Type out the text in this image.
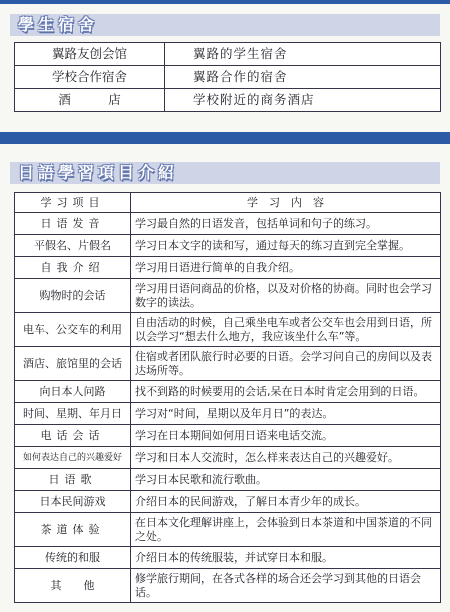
學生宿舍
翼路友创会馆	翼路的学生宿舍
学校合作宿舍	翼路合作的宿舍
酒　　　店	学校附近的商务酒店
日語學習項目介紹
学习项目	学　习　内　容
日语发音	学习最自然的日语发音，包括单词和句子的练习。
平假名、片假名	学习日本文字的读和写，通过每天的练习直到完全掌握。
自我介绍	学习用日语进行简单的自我介绍。
购物时的会话	学习用日语问商品的价格，以及对价格的协商。同时也会学习数字的读法。
电车、公交车的利用	自由活动的时候，自己乘坐电车或者公交车也会用到日语，所以会学习“想去什么地方，我应该坐什么车”等。
酒店、旅馆里的会话	住宿或者团队旅行时必要的日语。会学习问自己的房间以及表达场所等。
向日本人问路	找不到路的时候要用的会话,呆在日本时肯定会用到的日语。
时间、星期、年月日	学习对“时间，星期以及年月日”的表达。
电话会话	学习在日本期间如何用日语来电话交流。
如何表达自己的兴趣爱好	学习和日本人交流时，怎么样来表达自己的兴趣爱好。
日语歌	学习日本民歌和流行歌曲。
日本民间游戏	介绍日本的民间游戏，了解日本青少年的成长。
茶道体验	在日本文化理解讲座上，会体验到日本茶道和中国茶道的不同之处。
传统的和服	介绍日本的传统服装，并试穿日本和服。
其　　他	修学旅行期间，在各式各样的场合还会学习到其他的日语会话。
